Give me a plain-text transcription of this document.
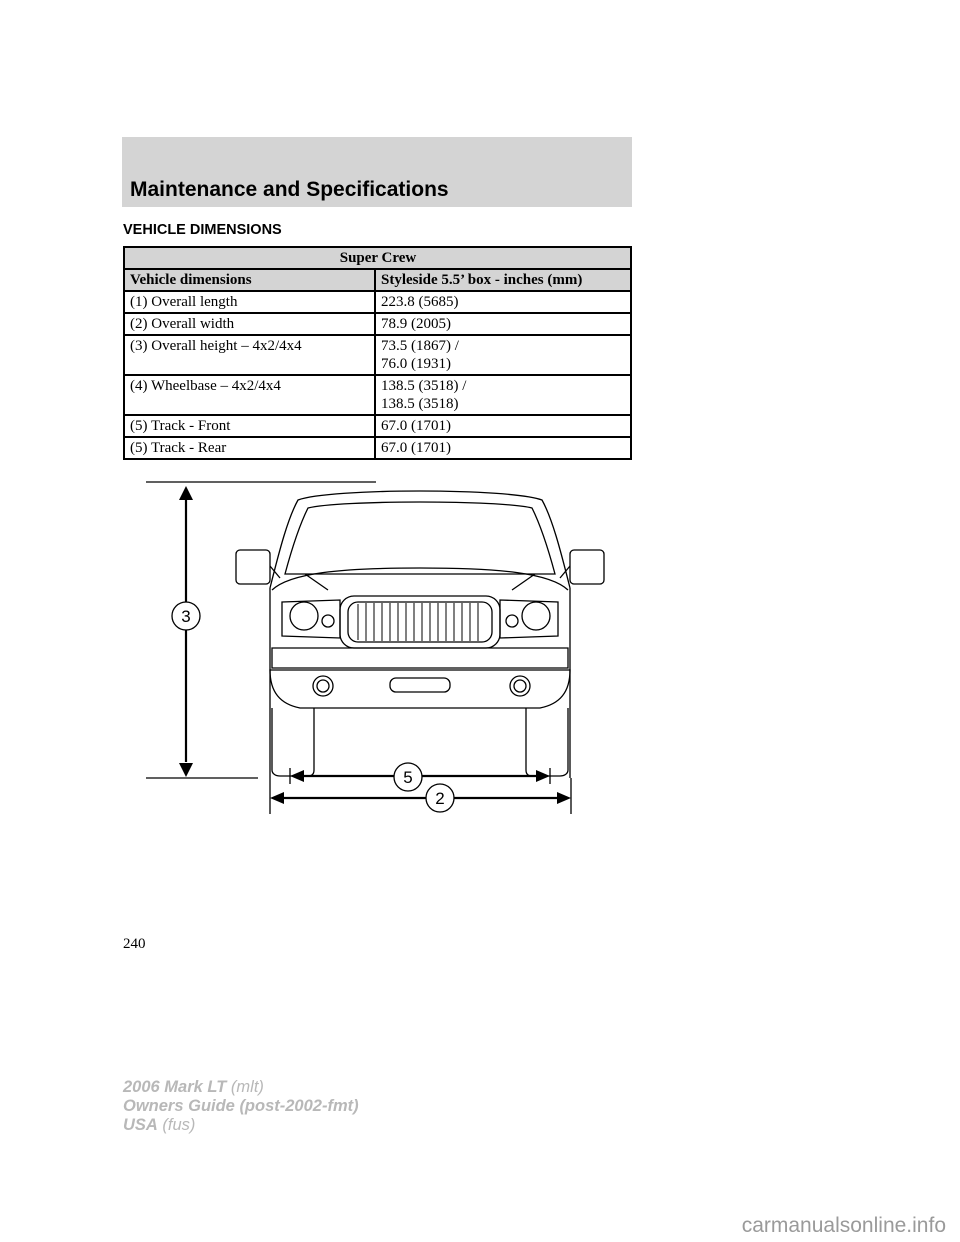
Maintenance and Specifications
VEHICLE DIMENSIONS
Super Crew	
Vehicle dimensions	Styleside 5.5’ box - inches (mm)
(1) Overall length	223.8 (5685)

(2) Overall width	78.9 (2005)

(3) Overall height – 4x2/4x4	73.5 (1867) /
76.0 (1931)

(4) Wheelbase – 4x2/4x4	138.5 (3518) /
138.5 (3518)

(5) Track - Front	67.0 (1701)

(5) Track - Rear	67.0 (1701)
3
5
2
240
2006 Mark LT (mlt)
Owners Guide (post-2002-fmt)
USA (fus)
carmanualsonline.info
